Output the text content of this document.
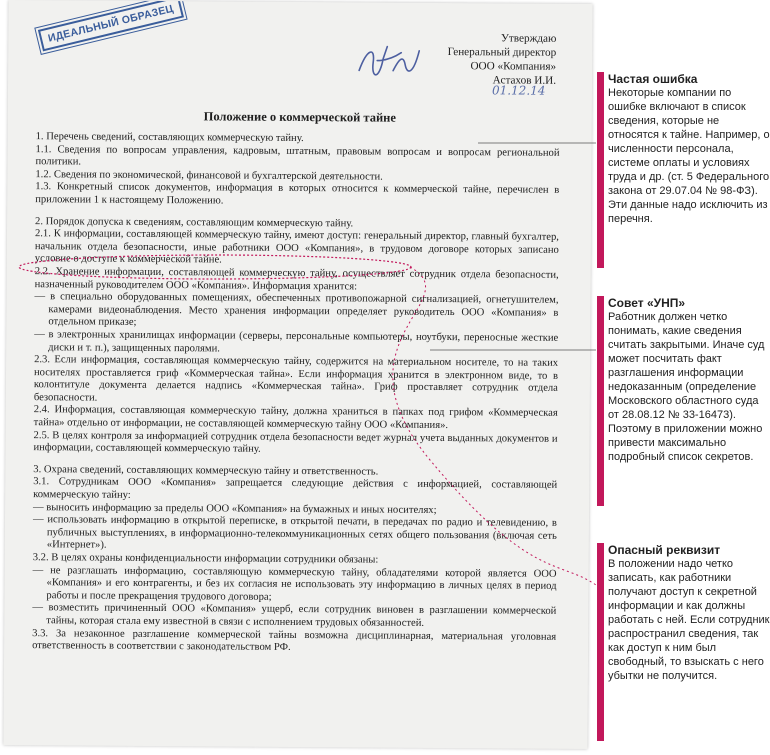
ИДЕАЛЬНЫЙ ОБРАЗЕЦ	Утверждаю
Генеральный директор
ООО «Компания»
Астахов И.И.
01.12.14
Положение о коммерческой тайне

1. Перечень сведений, составляющих коммерческую тайну.

1.1. Сведения по вопросам управления, кадровым, штатным, правовым вопросам и вопросам региональной политики.

1.2. Сведения по экономической, финансовой и бухгалтерской деятельности.

1.3. Конкретный список документов, информация в которых относится к коммерческой тайне, перечислен в приложении 1 к настоящему Положению.

2. Порядок допуска к сведениям, составляющим коммерческую тайну.

2.1. К информации, составляющей коммерческую тайну, имеют доступ: генеральный директор, главный бухгалтер, начальник отдела безопасности, иные работники ООО «Компания», в трудовом договоре которых записано условие о доступе к коммерческой тайне.

2.2. Хранение информации, составляющей коммерческую тайну, осуществляет сотрудник отдела безопасности, назначенный руководителем ООО «Компания». Информация хранится:

— в специально оборудованных помещениях, обеспеченных противопожарной сигнализацией, огнетушителем, камерами видеонаблюдения. Место хранения информации определяет руководитель ООО «Компания» в отдельном приказе;

— в электронных хранилищах информации (серверы, персональные компьютеры, ноутбуки, переносные жесткие диски и т. п.), защищенных паролями.

2.3. Если информация, составляющая коммерческую тайну, содержится на материальном носителе, то на таких носителях проставляется гриф «Коммерческая тайна». Если информация хранится в электронном виде, то в колонтитуле документа делается надпись «Коммерческая тайна». Гриф проставляет сотрудник отдела безопасности.

2.4. Информация, составляющая коммерческую тайну, должна храниться в папках под грифом «Коммерческая тайна» отдельно от информации, не составляющей коммерческую тайну ООО «Компания».

2.5. В целях контроля за информацией сотрудник отдела безопасности ведет журнал учета выданных документов и информации, составляющей коммерческую тайну.

3. Охрана сведений, составляющих коммерческую тайну и ответственность.

3.1. Сотрудникам ООО «Компания» запрещается следующие действия с информацией, составляющей коммерческую тайну:

— выносить информацию за пределы ООО «Компания» на бумажных и иных носителях;

— использовать информацию в открытой переписке, в открытой печати, в передачах по радио и телевидению, в публичных выступлениях, в информационно-телекоммуникационных сетях общего пользования (включая сеть «Интернет»).

3.2. В целях охраны конфиденциальности информации сотрудники обязаны:

— не разглашать информацию, составляющую коммерческую тайну, обладателями которой является ООО «Компания» и его контрагенты, и без их согласия не использовать эту информацию в личных целях в период работы и после прекращения трудового договора;

— возместить причиненный ООО «Компания» ущерб, если сотрудник виновен в разглашении коммерческой тайны, которая стала ему известной в связи с исполнением трудовых обязанностей.

3.3. За незаконное разглашение коммерческой тайны возможна дисциплинарная, материальная уголовная ответственность в соответствии с законодательством РФ.

Частая ошибка
Некоторые компании по ошибке включают в список сведения, которые не относятся к тайне. Например, о численности персонала, системе оплаты и условиях труда и др. (ст. 5 Федерального закона от 29.07.04 № 98-ФЗ). Эти данные надо исключить из перечня.
Совет «УНП»
Работник должен четко понимать, какие сведения считать закрытыми. Иначе суд может посчитать факт разглашения информации недоказанным (определение Московского областного суда от 28.08.12 № 33-16473). Поэтому в приложении можно привести максимально подробный список секретов.
Опасный реквизит
В положении надо четко записать, как работники получают доступ к секретной информации и как должны работать с ней. Если сотрудник распространил сведения, так как доступ к ним был свободный, то взыскать с него убытки не получится.
